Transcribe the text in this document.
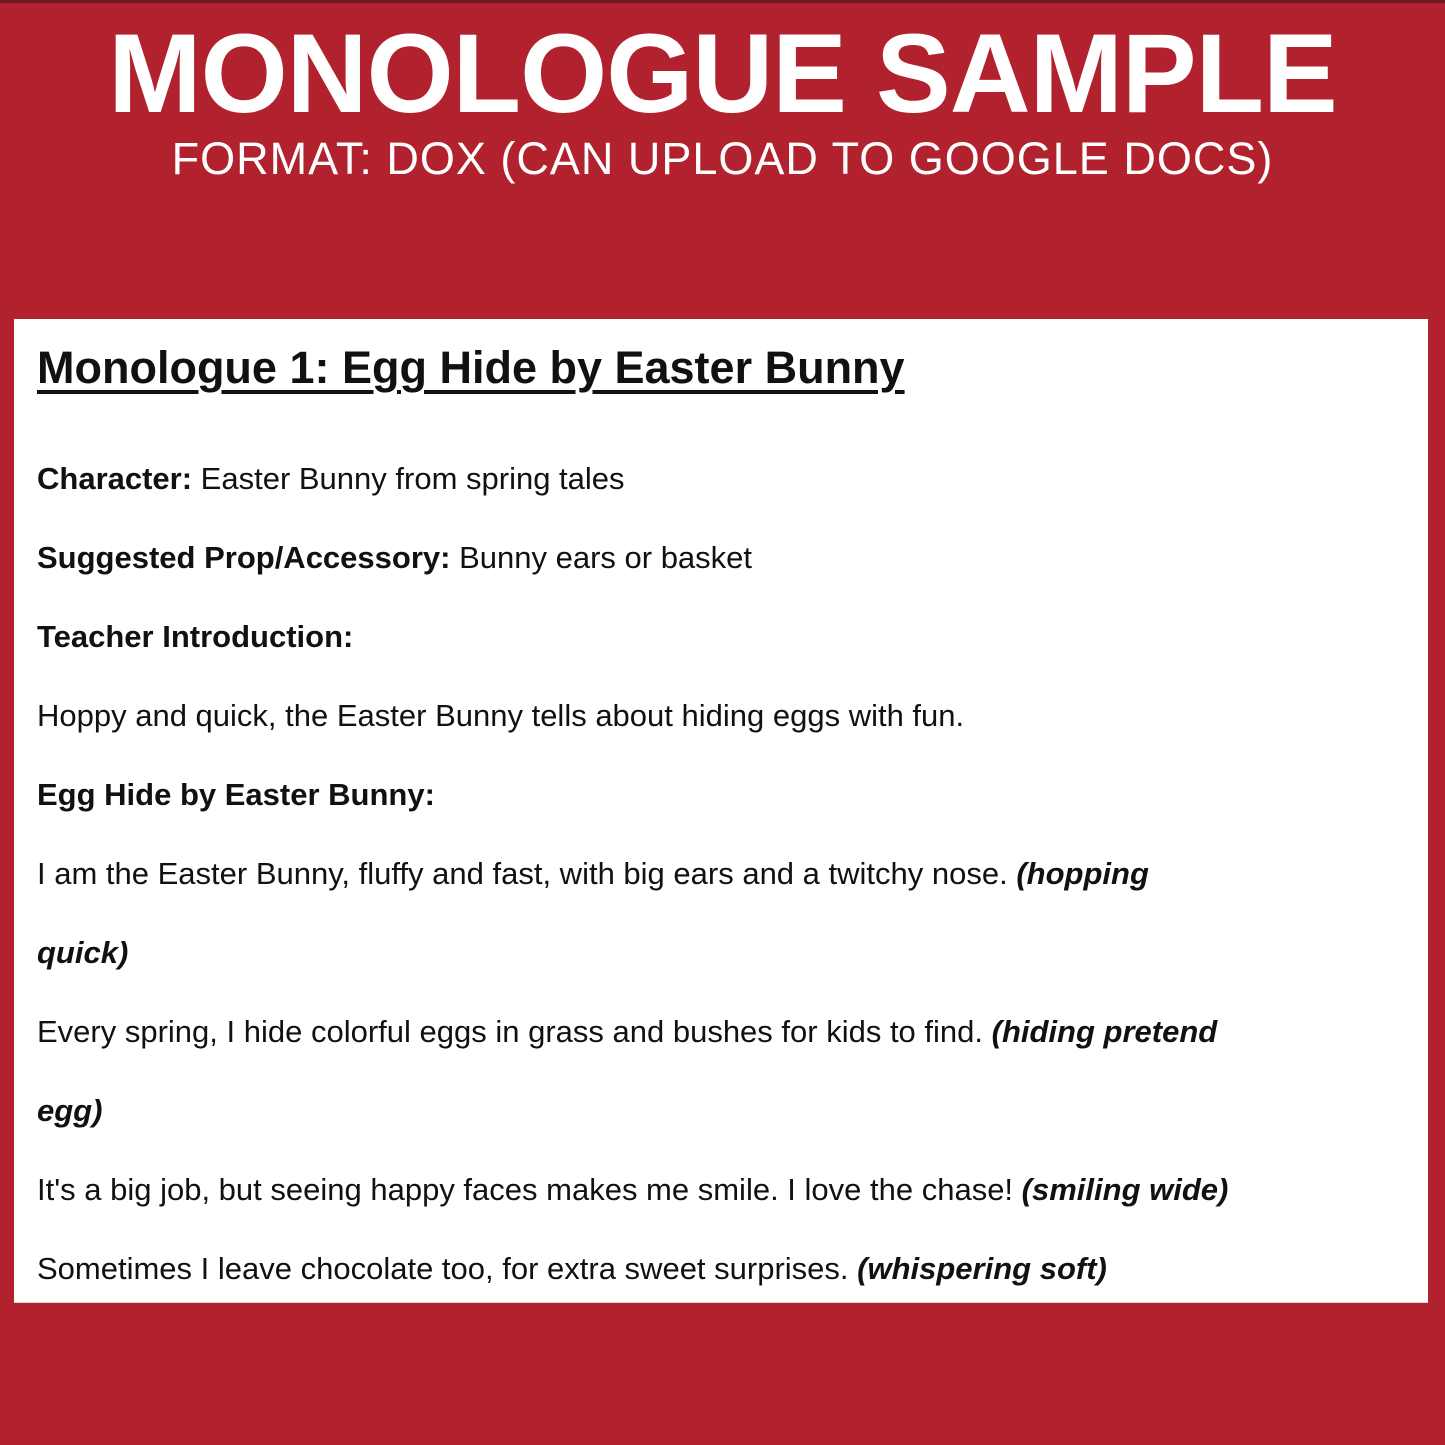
MONOLOGUE SAMPLE
FORMAT: DOX (CAN UPLOAD TO GOOGLE DOCS)
Monologue 1: Egg Hide by Easter Bunny
Character: Easter Bunny from spring tales
Suggested Prop/Accessory: Bunny ears or basket
Teacher Introduction:
Hoppy and quick, the Easter Bunny tells about hiding eggs with fun.
Egg Hide by Easter Bunny:
I am the Easter Bunny, fluffy and fast, with big ears and a twitchy nose. (hopping
quick)
Every spring, I hide colorful eggs in grass and bushes for kids to find. (hiding pretend
egg)
It's a big job, but seeing happy faces makes me smile. I love the chase! (smiling wide)
Sometimes I leave chocolate too, for extra sweet surprises. (whispering soft)
